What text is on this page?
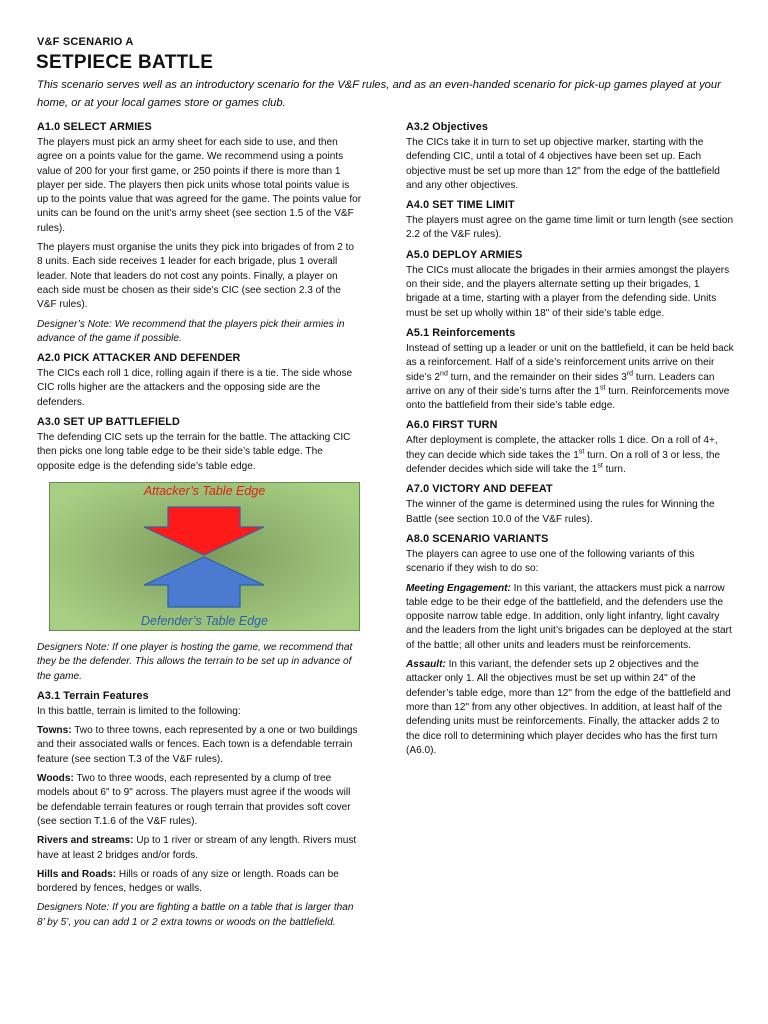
V&F SCENARIO A
SETPIECE BATTLE
This scenario serves well as an introductory scenario for the V&F rules, and as an even-handed scenario for pick-up games played at your home, or at your local games store or games club.
A1.0 SELECT ARMIES

The players must pick an army sheet for each side to use, and then agree on a points value for the game. We recommend using a points value of 200 for your first game, or 250 points if there is more than 1 player per side. The players then pick units whose total points value is up to the points value that was agreed for the game. The points value for units can be found on the unit’s army sheet (see section 1.5 of the V&F rules).

The players must organise the units they pick into brigades of from 2 to 8 units. Each side receives 1 leader for each brigade, plus 1 overall leader. Note that leaders do not cost any points. Finally, a player on each side must be chosen as their side’s CIC (see section 2.3 of the V&F rules).

Designer’s Note: We recommend that the players pick their armies in advance of the game if possible.

A2.0 PICK ATTACKER AND DEFENDER

The CICs each roll 1 dice, rolling again if there is a tie. The side whose CIC rolls higher are the attackers and the opposing side are the defenders.

A3.0 SET UP BATTLEFIELD

The defending CIC sets up the terrain for the battle. The attacking CIC then picks one long table edge to be their side’s table edge. The opposite edge is the defending side’s table edge.

Attacker’s Table Edge
Defender’s Table Edge

Designers Note: If one player is hosting the game, we recommend that they be the defender. This allows the terrain to be set up in advance of the game.

A3.1 Terrain Features

In this battle, terrain is limited to the following:

Towns: Two to three towns, each represented by a one or two buildings and their associated walls or fences. Each town is a defendable terrain feature (see section T.3 of the V&F rules).

Woods: Two to three woods, each represented by a clump of tree models about 6" to 9" across. The players must agree if the woods will be defendable terrain features or rough terrain that provides soft cover (see section T.1.6 of the V&F rules).

Rivers and streams: Up to 1 river or stream of any length. Rivers must have at least 2 bridges and/or fords.

Hills and Roads: Hills or roads of any size or length. Roads can be bordered by fences, hedges or walls.

Designers Note: If you are fighting a battle on a table that is larger than 8’ by 5’, you can add 1 or 2 extra towns or woods on the battlefield.

A3.2 Objectives

The CICs take it in turn to set up objective marker, starting with the defending CIC, until a total of 4 objectives have been set up. Each objective must be set up more than 12" from the edge of the battlefield and any other objectives.

A4.0 SET TIME LIMIT

The players must agree on the game time limit or turn length (see section 2.2 of the V&F rules).

A5.0 DEPLOY ARMIES

The CICs must allocate the brigades in their armies amongst the players on their side, and the players alternate setting up their brigades, 1 brigade at a time, starting with a player from the defending side. Units must be set up wholly within 18" of their side’s table edge.

A5.1 Reinforcements

Instead of setting up a leader or unit on the battlefield, it can be held back as a reinforcement. Half of a side’s reinforcement units arrive on their side’s 2nd turn, and the remainder on their sides 3rd turn. Leaders can arrive on any of their side’s turns after the 1st turn. Reinforcements move onto the battlefield from their side’s table edge.

A6.0 FIRST TURN

After deployment is complete, the attacker rolls 1 dice. On a roll of 4+, they can decide which side takes the 1st turn. On a roll of 3 or less, the defender decides which side will take the 1st turn.

A7.0 VICTORY AND DEFEAT

The winner of the game is determined using the rules for Winning the Battle (see section 10.0 of the V&F rules).

A8.0 SCENARIO VARIANTS

The players can agree to use one of the following variants of this scenario if they wish to do so:

Meeting Engagement: In this variant, the attackers must pick a narrow table edge to be their edge of the battlefield, and the defenders use the opposite narrow table edge. In addition, only light infantry, light cavalry and the leaders from the light unit’s brigades can be deployed at the start of the battle; all other units and leaders must be reinforcements.

Assault: In this variant, the defender sets up 2 objectives and the attacker only 1. All the objectives must be set up within 24" of the defender’s table edge, more than 12" from the edge of the battlefield and more than 12" from any other objectives. In addition, at least half of the defending units must be reinforcements. Finally, the attacker adds 2 to the dice roll to determining which player decides who has the first turn (A6.0).
